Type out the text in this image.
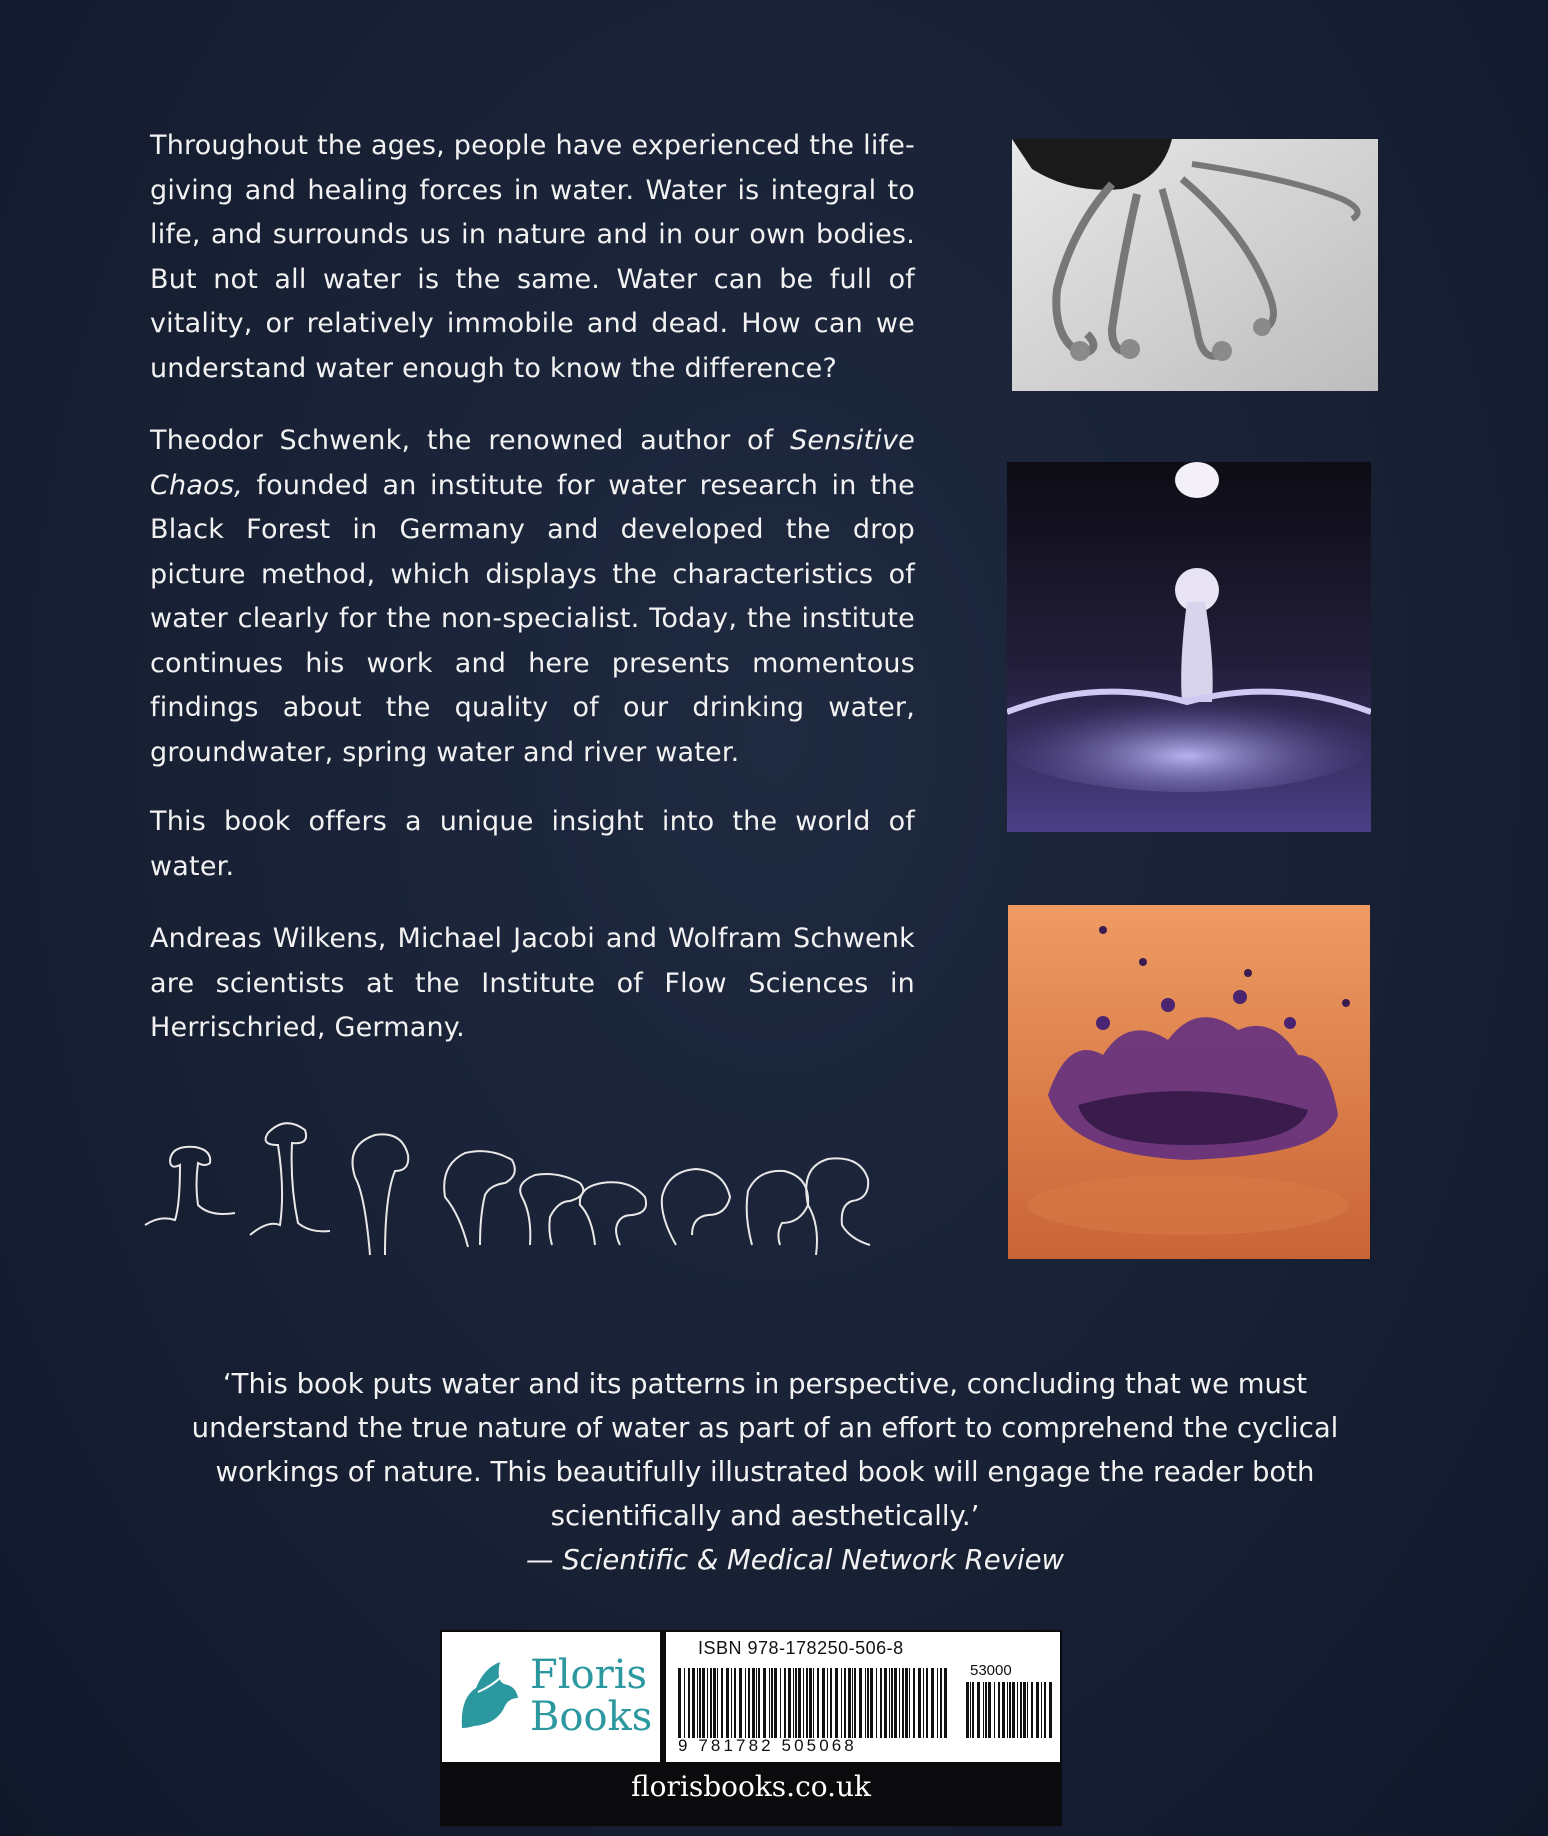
Throughout the ages, people have experienced the life-giving and healing forces in water. Water is integral to life, and surrounds us in nature and in our own bodies. But not all water is the same. Water can be full of vitality, or relatively immobile and dead. How can we understand water enough to know the difference?

Theodor Schwenk, the renowned author of Sensitive Chaos, founded an institute for water research in the Black Forest in Germany and developed the drop picture method, which displays the characteristics of water clearly for the non-specialist. Today, the institute continues his work and here presents momentous findings about the quality of our drinking water, groundwater, spring water and river water.

This book offers a unique insight into the world of water.

Andreas Wilkens, Michael Jacobi and Wolfram Schwenk are scientists at the Institute of Flow Sciences in Herrischried, Germany.

‘This book puts water and its patterns in perspective, concluding that we must understand the true nature of water as part of an effort to comprehend the cyclical workings of nature. This beautifully illustrated book will engage the reader both scientifically and aesthetically.’
— Scientific & Medical Network Review

Floris
Books
ISBN 978-178250-506-8
53000
9 781782 505068
florisbooks.co.uk
